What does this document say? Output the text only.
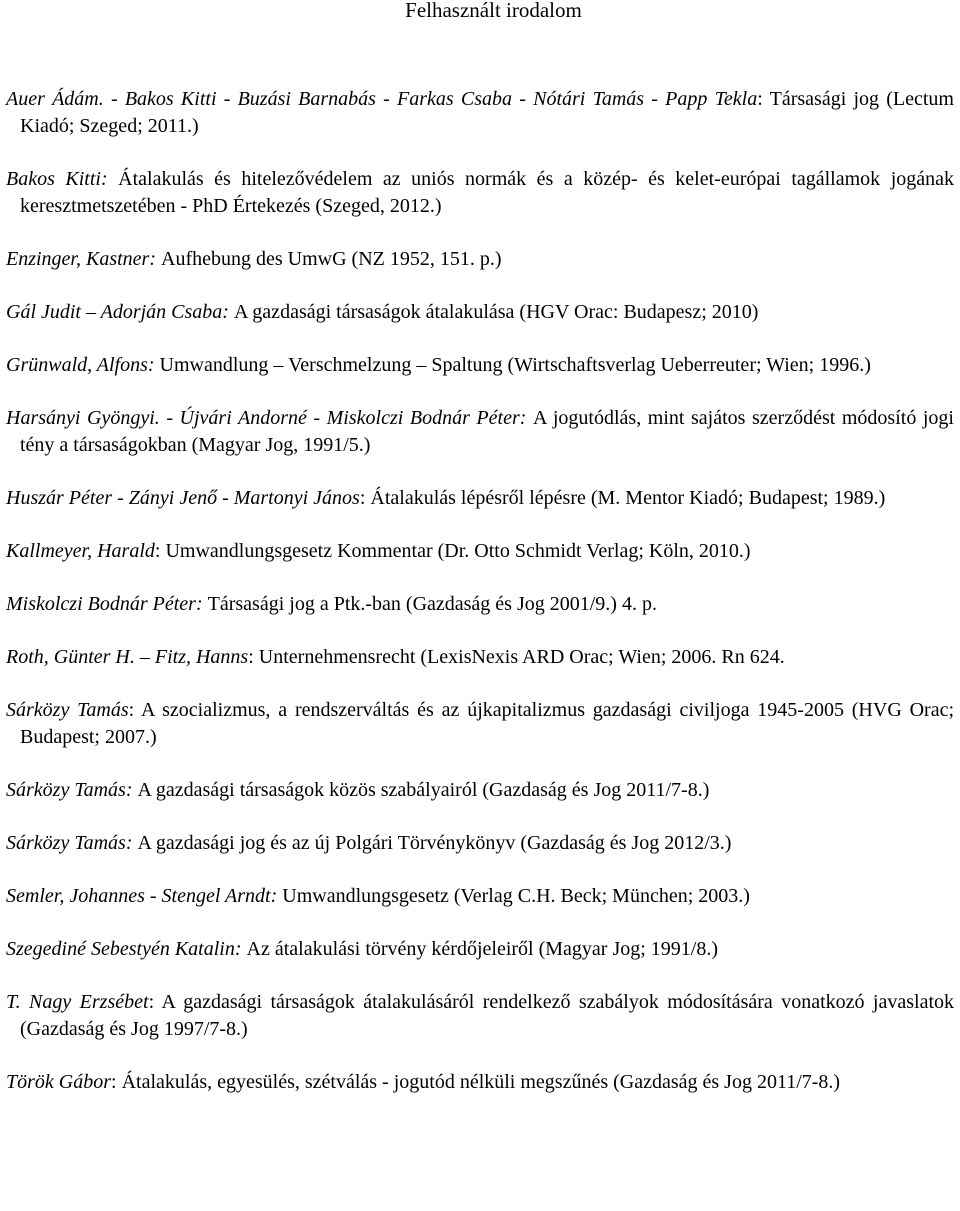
Felhasznált irodalom

Auer Ádám. - Bakos Kitti - Buzási Barnabás - Farkas Csaba - Nótári Tamás - Papp Tekla: Társasági jog (Lectum Kiadó; Szeged; 2011.)

Bakos Kitti: Átalakulás és hitelezővédelem az uniós normák és a közép- és kelet-európai tagállamok jogának keresztmetszetében - PhD Értekezés (Szeged, 2012.)

Enzinger, Kastner: Aufhebung des UmwG (NZ 1952, 151. p.)

Gál Judit – Adorján Csaba: A gazdasági társaságok átalakulása (HGV Orac: Budapesz; 2010)

Grünwald, Alfons: Umwandlung – Verschmelzung – Spaltung (Wirtschaftsverlag Ueberreuter; Wien; 1996.)

Harsányi Gyöngyi. - Újvári Andorné - Miskolczi Bodnár Péter: A jogutódlás, mint sajátos szerződést módosító jogi tény a társaságokban (Magyar Jog, 1991/5.)

Huszár Péter - Zányi Jenő - Martonyi János: Átalakulás lépésről lépésre (M. Mentor Kiadó; Budapest; 1989.)

Kallmeyer, Harald: Umwandlungsgesetz Kommentar (Dr. Otto Schmidt Verlag; Köln, 2010.)

Miskolczi Bodnár Péter: Társasági jog a Ptk.-ban (Gazdaság és Jog 2001/9.) 4. p.

Roth, Günter H. – Fitz, Hanns: Unternehmensrecht (LexisNexis ARD Orac; Wien; 2006. Rn 624.

Sárközy Tamás: A szocializmus, a rendszerváltás és az újkapitalizmus gazdasági civiljoga 1945-2005 (HVG Orac; Budapest; 2007.)

Sárközy Tamás: A gazdasági társaságok közös szabályairól (Gazdaság és Jog 2011/7-8.)

Sárközy Tamás: A gazdasági jog és az új Polgári Törvénykönyv (Gazdaság és Jog 2012/3.)

Semler, Johannes - Stengel Arndt: Umwandlungsgesetz (Verlag C.H. Beck; München; 2003.)

Szegediné Sebestyén Katalin: Az átalakulási törvény kérdőjeleiről (Magyar Jog; 1991/8.)

T. Nagy Erzsébet: A gazdasági társaságok átalakulásáról rendelkező szabályok módosítására vonatkozó javaslatok (Gazdaság és Jog 1997/7-8.)

Török Gábor: Átalakulás, egyesülés, szétválás - jogutód nélküli megszűnés (Gazdaság és Jog 2011/7-8.)
